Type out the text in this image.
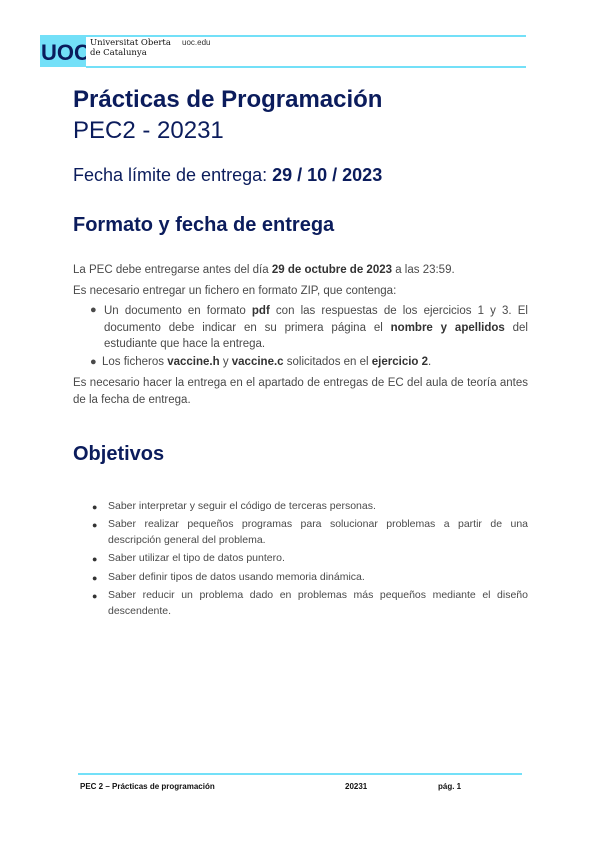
UOC Universitat Oberta
de Catalunya
uoc.edu
Prácticas de Programación
PEC2 - 20231
Fecha límite de entrega: 29 / 10 / 2023
Formato y fecha de entrega
La PEC debe entregarse antes del día 29 de octubre de 2023 a las 23:59.
Es necesario entregar un fichero en formato ZIP, que contenga:
● Un documento en formato pdf con las respuestas de los ejercicios 1 y 3. El documento debe indicar en su primera página el nombre y apellidos del estudiante que hace la entrega.
● Los ficheros vaccine.h y vaccine.c solicitados en el ejercicio 2.
Es necesario hacer la entrega en el apartado de entregas de EC del aula de teoría antes de la fecha de entrega.
Objetivos
● Saber interpretar y seguir el código de terceras personas.
● Saber realizar pequeños programas para solucionar problemas a partir de una descripción general del problema.
● Saber utilizar el tipo de datos puntero.
● Saber definir tipos de datos usando memoria dinámica.
● Saber reducir un problema dado en problemas más pequeños mediante el diseño descendente.
PEC 2 – Prácticas de programación	20231	pág. 1
